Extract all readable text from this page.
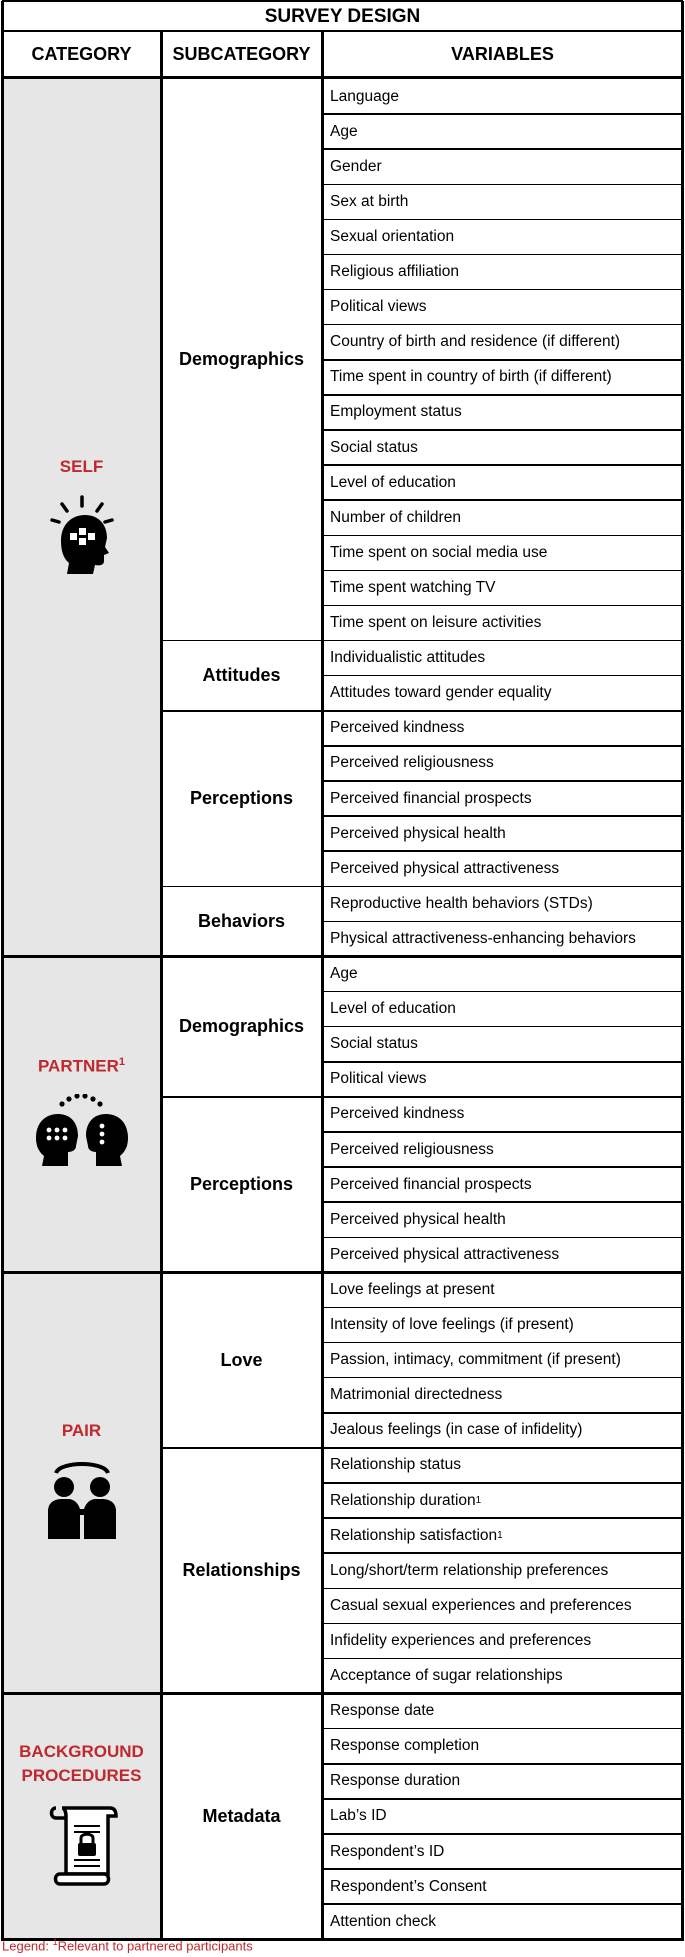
SURVEY DESIGN
CATEGORY	SUBCATEGORY	VARIABLES
Language
Age
Gender
Sex at birth
Sexual orientation
Religious affiliation
Political views
Country of birth and residence (if different)
Time spent in country of birth (if different)
Employment status
Social status
Level of education
Number of children
Time spent on social media use
Time spent watching TV
Time spent on leisure activities
Demographics
Individualistic attitudes
Attitudes toward gender equality
Attitudes
Perceived kindness
Perceived religiousness
Perceived financial prospects
Perceived physical health
Perceived physical attractiveness
Perceptions
Reproductive health behaviors (STDs)
Physical attractiveness-enhancing behaviors
Behaviors
SELF
Age
Level of education
Social status
Political views
Demographics
Perceived kindness
Perceived religiousness
Perceived financial prospects
Perceived physical health
Perceived physical attractiveness
Perceptions
PARTNER$^1$
Love feelings at present
Intensity of love feelings (if present)
Passion, intimacy, commitment (if present)
Matrimonial directedness
Jealous feelings (in case of infidelity)
Love
Relationship status
Relationship duration 1
Relationship satisfaction 1
Long/short/term relationship preferences
Casual sexual experiences and preferences
Infidelity experiences and preferences
Acceptance of sugar relationships
Relationships
PAIR
Response date
Response completion
Response duration
Lab’s ID
Respondent’s ID
Respondent’s Consent
Attention check
Metadata
BACKGROUND PROCEDURES
Legend: $^1$Relevant to partnered participants
